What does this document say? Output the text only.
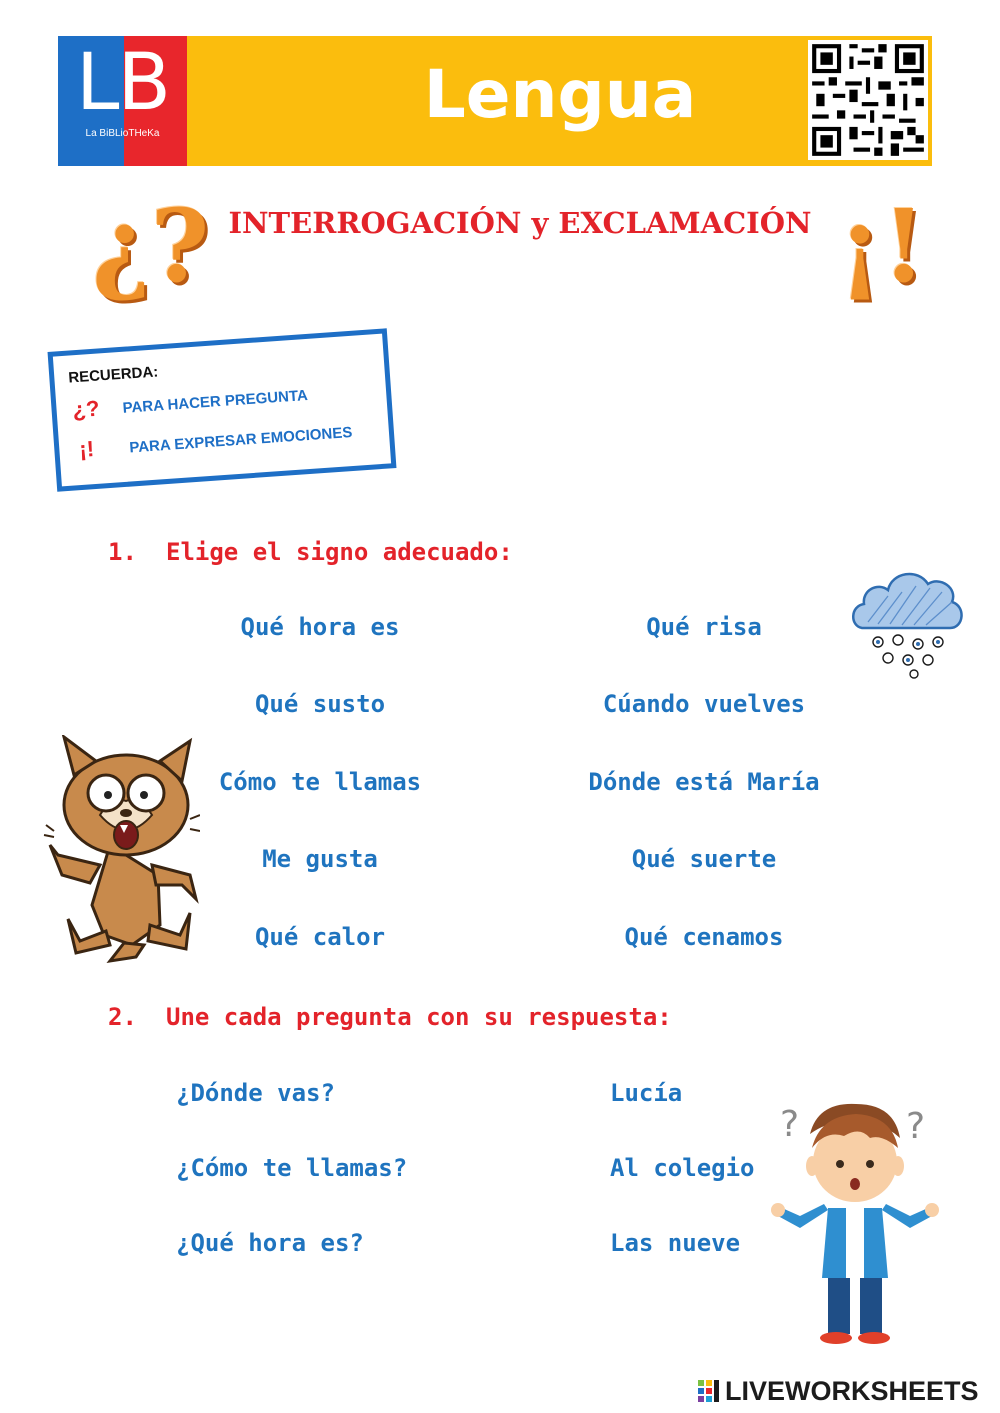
LB
La BiBLioTHeKa
Lengua
¿? INTERROGACIÓN y EXCLAMACIÓN ¡!
RECUERDA:
¿? PARA HACER PREGUNTA
¡! PARA EXPRESAR EMOCIONES
1. Elige el signo adecuado:
Qué hora es
Qué susto
Cómo te llamas
Me gusta
Qué calor
Qué risa
Cúando vuelves
Dónde está María
Qué suerte
Qué cenamos
2. Une cada pregunta con su respuesta:
¿Dónde vas?
¿Cómo te llamas?
¿Qué hora es?
Lucía
Al colegio
Las nueve
?	?
LIVEWORKSHEETS
